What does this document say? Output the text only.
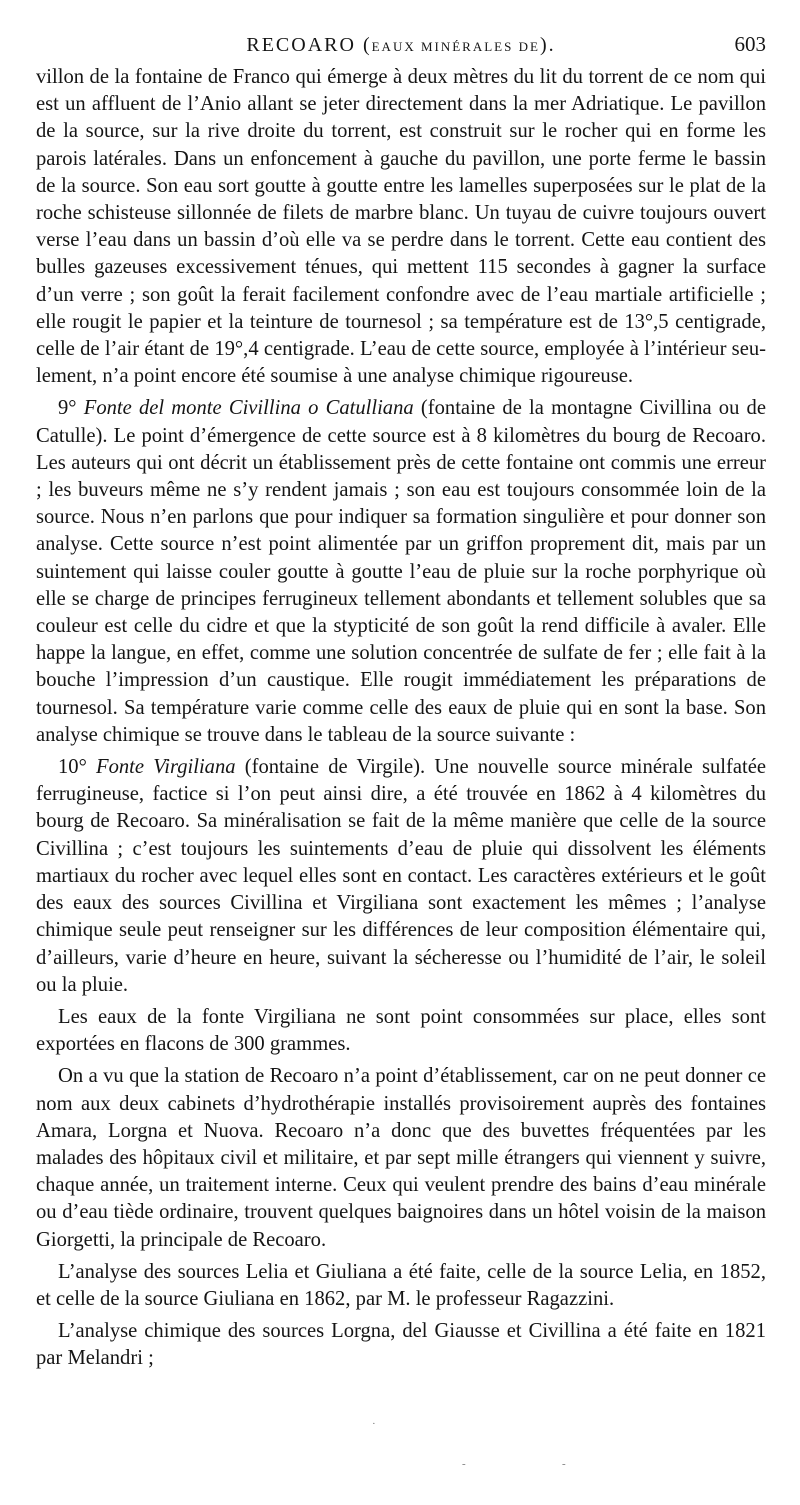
RECOARO (EAUX MINÉRALES DE).	603

villon de la fontaine de Franco qui émerge à deux mètres du lit du torrent de ce nom qui est un affluent de l’Anio allant se jeter directement dans la mer Adriatique. Le pavillon de la source, sur la rive droite du torrent, est construit sur le rocher qui en forme les parois latérales. Dans un enfoncement à gauche du pavillon, une porte ferme le bassin de la source. Son eau sort goutte à goutte entre les lamelles superposées sur le plat de la roche schisteuse sillonnée de filets de marbre blanc. Un tuyau de cuivre toujours ouvert verse l’eau dans un bassin d’où elle va se perdre dans le torrent. Cette eau contient des bulles gazeuses excessivement ténues, qui mettent 115 secondes à gagner la surface d’un verre ; son goût la ferait facilement confondre avec de l’eau martiale artificielle ; elle rougit le papier et la teinture de tournesol ; sa température est de 13°,5 centigrade, celle de l’air étant de 19°,4 centigrade. L’eau de cette source, employée à l’intérieur seulement, n’a point encore été soumise à une analyse chimique rigoureuse.

9° Fonte del monte Civillina o Catulliana (fontaine de la montagne Civillina ou de Catulle). Le point d’émergence de cette source est à 8 kilomètres du bourg de Recoaro. Les auteurs qui ont décrit un établissement près de cette fontaine ont commis une erreur ; les buveurs même ne s’y rendent jamais ; son eau est toujours consommée loin de la source. Nous n’en parlons que pour indiquer sa formation singulière et pour donner son analyse. Cette source n’est point alimentée par un griffon proprement dit, mais par un suintement qui laisse couler goutte à goutte l’eau de pluie sur la roche porphyrique où elle se charge de principes ferrugineux tellement abondants et tellement solubles que sa couleur est celle du cidre et que la stypticité de son goût la rend difficile à avaler. Elle happe la langue, en effet, comme une solution concentrée de sulfate de fer ; elle fait à la bouche l’impression d’un caustique. Elle rougit immédiatement les préparations de tournesol. Sa température varie comme celle des eaux de pluie qui en sont la base. Son analyse chimique se trouve dans le tableau de la source suivante :

10° Fonte Virgiliana (fontaine de Virgile). Une nouvelle source minérale sulfatée ferrugineuse, factice si l’on peut ainsi dire, a été trouvée en 1862 à 4 kilomètres du bourg de Recoaro. Sa minéralisation se fait de la même manière que celle de la source Civillina ; c’est toujours les suintements d’eau de pluie qui dissolvent les éléments martiaux du rocher avec lequel elles sont en contact. Les caractères extérieurs et le goût des eaux des sources Civillina et Virgiliana sont exactement les mêmes ; l’analyse chimique seule peut renseigner sur les différences de leur composition élémentaire qui, d’ailleurs, varie d’heure en heure, suivant la sécheresse ou l’humidité de l’air, le soleil ou la pluie.

Les eaux de la fonte Virgiliana ne sont point consommées sur place, elles sont exportées en flacons de 300 grammes.

On a vu que la station de Recoaro n’a point d’établissement, car on ne peut donner ce nom aux deux cabinets d’hydrothérapie installés provisoirement auprès des fontaines Amara, Lorgna et Nuova. Recoaro n’a donc que des buvettes fréquentées par les malades des hôpitaux civil et militaire, et par sept mille étrangers qui viennent y suivre, chaque année, un traitement interne. Ceux qui veulent prendre des bains d’eau minérale ou d’eau tiède ordinaire, trouvent quelques baignoires dans un hôtel voisin de la maison Giorgetti, la principale de Recoaro.

L’analyse des sources Lelia et Giuliana a été faite, celle de la source Lelia, en 1852, et celle de la source Giuliana en 1862, par M. le professeur Ragazzini.

L’analyse chimique des sources Lorgna, del Giausse et Civillina a été faite en 1821 par Melandri ;

·
-	-
